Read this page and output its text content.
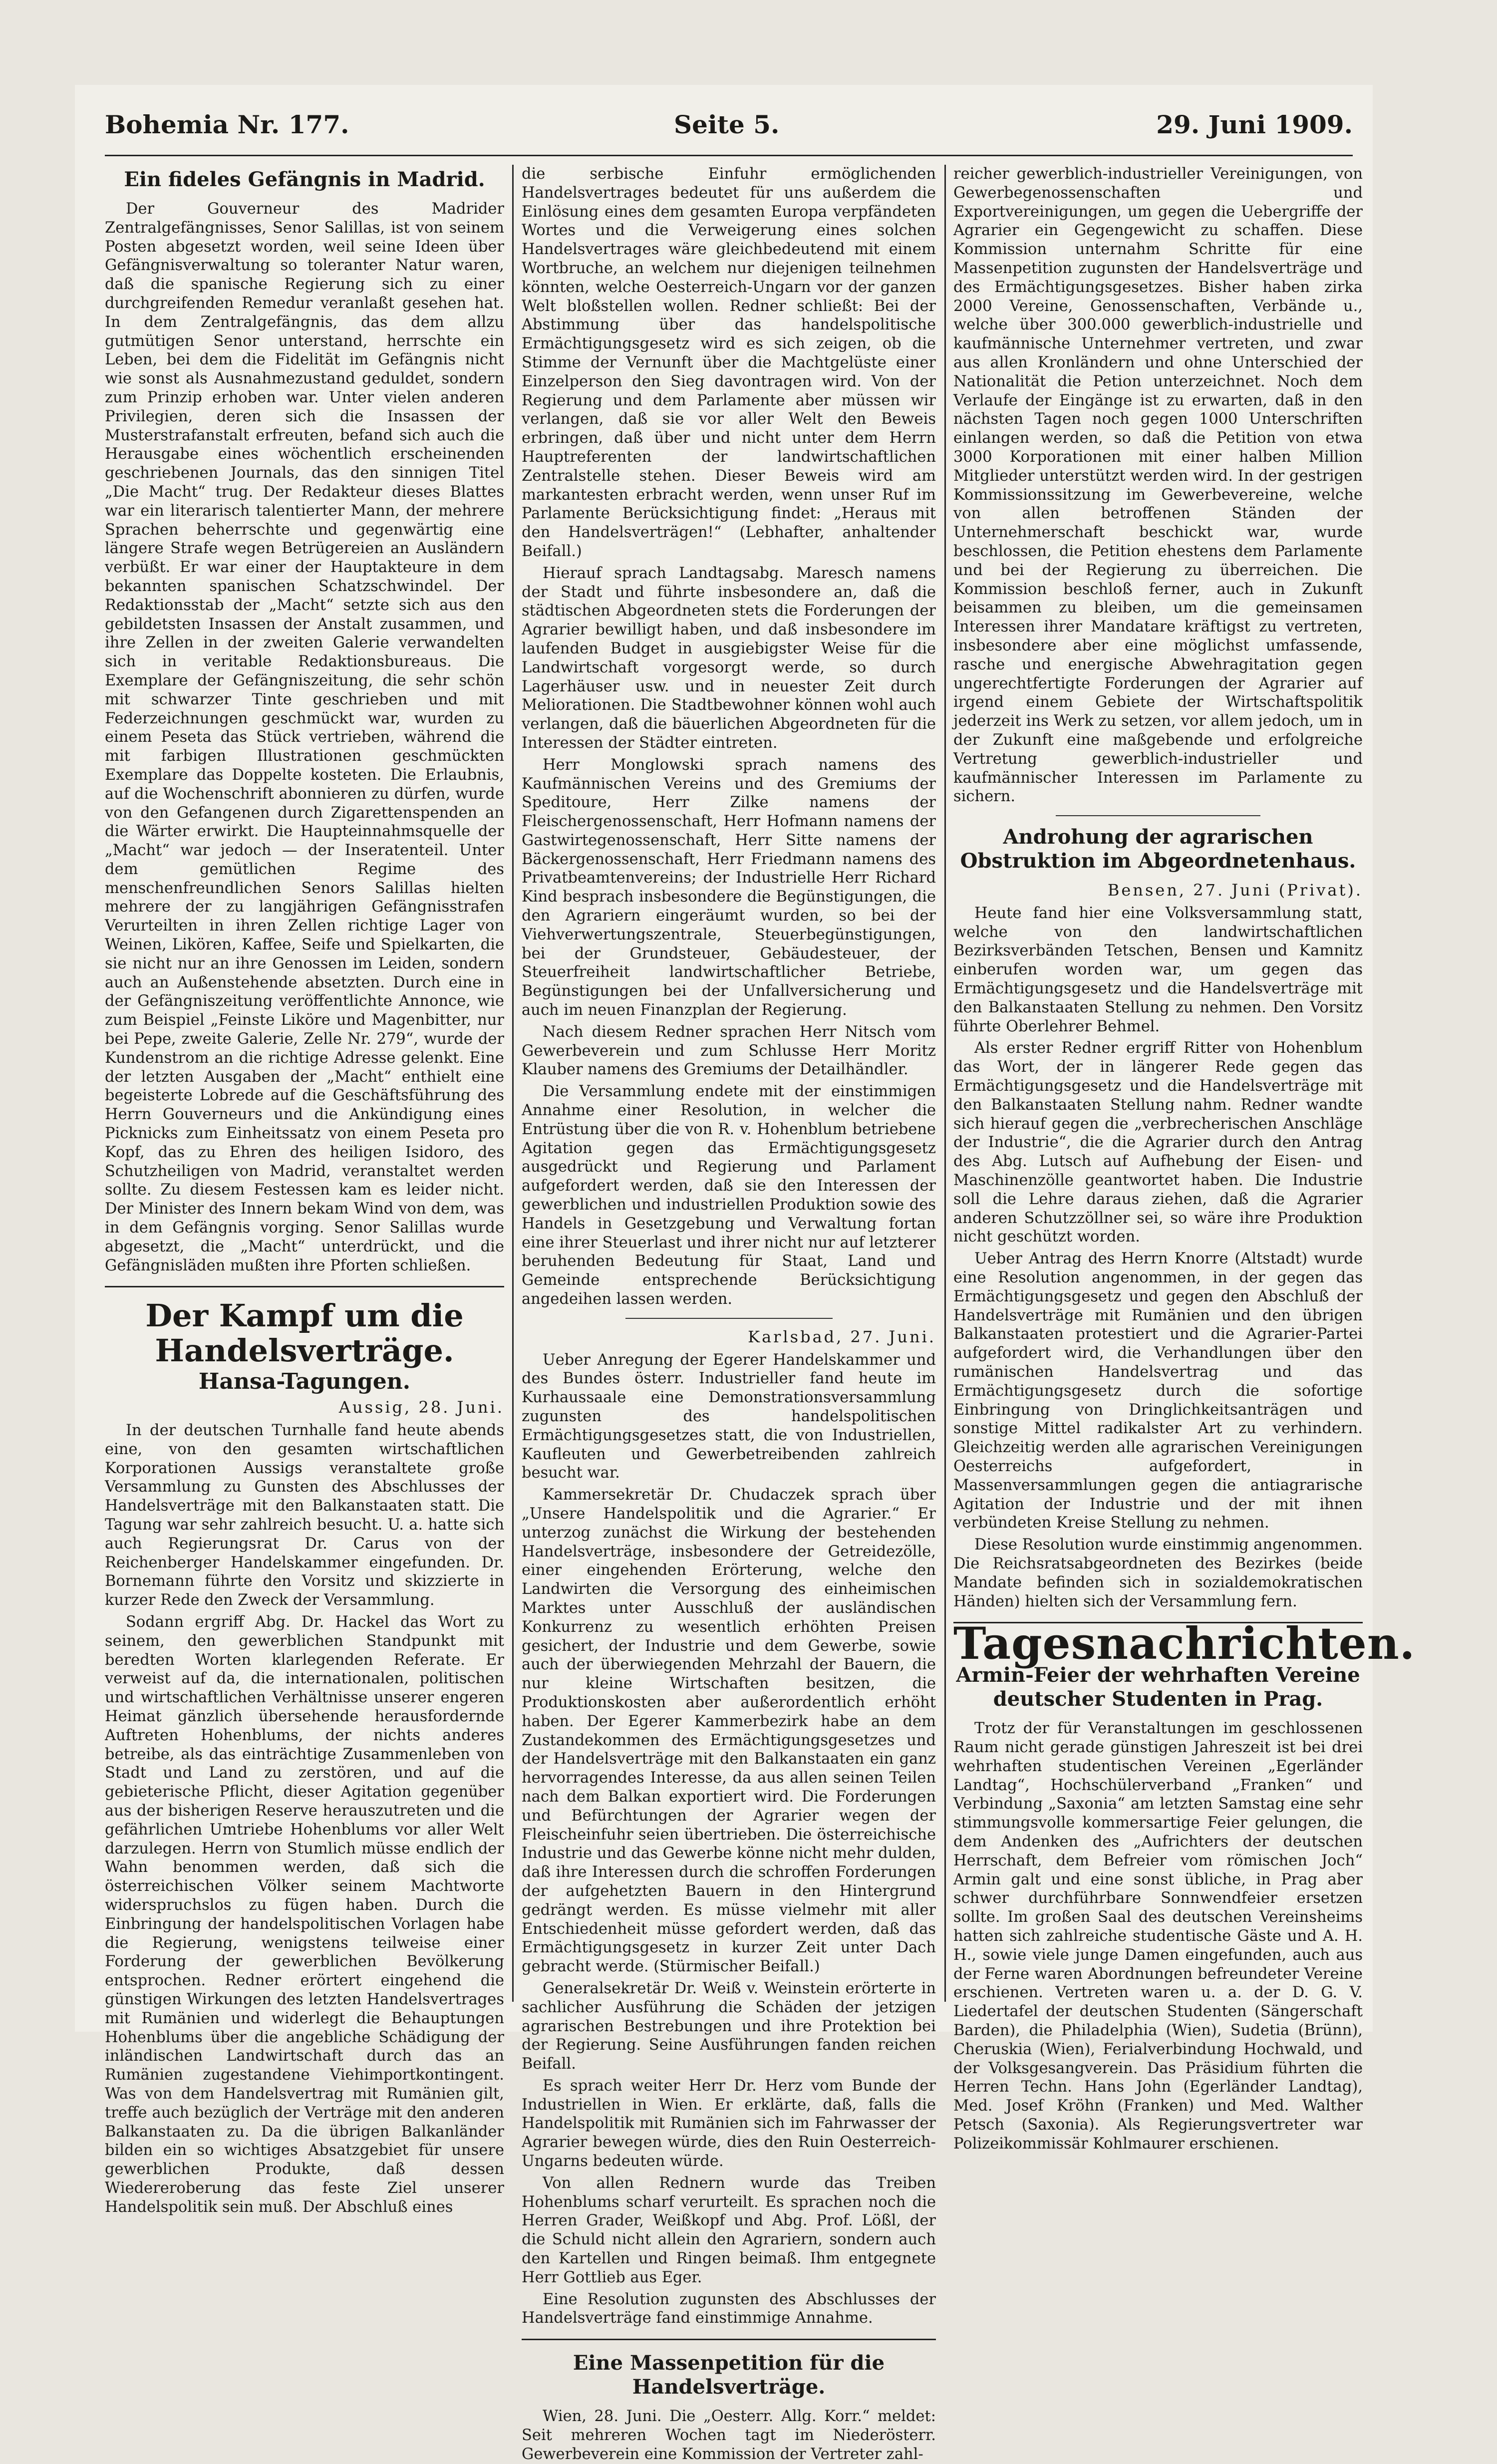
Bohemia Nr. 177.	Seite 5.	29. Juni 1909.
Ein fideles Gefängnis in Madrid.

Der Gouverneur des Madrider Zentralgefängnisses, Senor Salillas, ist von seinem Posten abgesetzt worden, weil seine Ideen über Gefängnisverwaltung so toleranter Natur waren, daß die spanische Regierung sich zu einer durchgreifenden Remedur veranlaßt gesehen hat. In dem Zentralgefängnis, das dem allzu gutmütigen Senor unterstand, herrschte ein Leben, bei dem die Fidelität im Gefängnis nicht wie sonst als Ausnahmezustand geduldet, sondern zum Prinzip erhoben war. Unter vielen anderen Privilegien, deren sich die Insassen der Musterstrafanstalt erfreuten, befand sich auch die Herausgabe eines wöchentlich erscheinenden geschriebenen Journals, das den sinnigen Titel „Die Macht“ trug. Der Redakteur dieses Blattes war ein literarisch talentierter Mann, der mehrere Sprachen beherrschte und gegenwärtig eine längere Strafe wegen Betrügereien an Ausländern verbüßt. Er war einer der Hauptakteure in dem bekannten spanischen Schatzschwindel. Der Redaktionsstab der „Macht“ setzte sich aus den gebildetsten Insassen der Anstalt zusammen, und ihre Zellen in der zweiten Galerie verwandelten sich in veritable Redaktionsbureaus. Die Exemplare der Gefängniszeitung, die sehr schön mit schwarzer Tinte geschrieben und mit Federzeichnungen geschmückt war, wurden zu einem Peseta das Stück vertrieben, während die mit farbigen Illustrationen geschmückten Exemplare das Doppelte kosteten. Die Erlaubnis, auf die Wochenschrift abonnieren zu dürfen, wurde von den Gefangenen durch Zigarettenspenden an die Wärter erwirkt. Die Haupteinnahmsquelle der „Macht“ war jedoch — der Inseratenteil. Unter dem gemütlichen Regime des menschenfreundlichen Senors Salillas hielten mehrere der zu langjährigen Gefängnisstrafen Verurteilten in ihren Zellen richtige Lager von Weinen, Likören, Kaffee, Seife und Spielkarten, die sie nicht nur an ihre Genossen im Leiden, sondern auch an Außenstehende absetzten. Durch eine in der Gefängniszeitung veröffentlichte Annonce, wie zum Beispiel „Feinste Liköre und Magenbitter, nur bei Pepe, zweite Galerie, Zelle Nr. 279“, wurde der Kundenstrom an die richtige Adresse gelenkt. Eine der letzten Ausgaben der „Macht“ enthielt eine begeisterte Lobrede auf die Geschäftsführung des Herrn Gouverneurs und die Ankündigung eines Picknicks zum Einheitssatz von einem Peseta pro Kopf, das zu Ehren des heiligen Isidoro, des Schutzheiligen von Madrid, veranstaltet werden sollte. Zu diesem Festessen kam es leider nicht. Der Minister des Innern bekam Wind von dem, was in dem Gefängnis vorging. Senor Salillas wurde abgesetzt, die „Macht“ unterdrückt, und die Gefängnisläden mußten ihre Pforten schließen.

Der Kampf um die Handelsverträge.
Hansa-Tagungen.
Aussig, 28. Juni.

In der deutschen Turnhalle fand heute abends eine, von den gesamten wirtschaftlichen Korporationen Aussigs veranstaltete große Versammlung zu Gunsten des Abschlusses der Handelsverträge mit den Balkanstaaten statt. Die Tagung war sehr zahlreich besucht. U. a. hatte sich auch Regierungsrat Dr. Carus von der Reichenberger Handelskammer eingefunden. Dr. Bornemann führte den Vorsitz und skizzierte in kurzer Rede den Zweck der Versammlung.

Sodann ergriff Abg. Dr. Hackel das Wort zu seinem, den gewerblichen Standpunkt mit beredten Worten klarlegenden Referate. Er verweist auf da, die internationalen, politischen und wirtschaftlichen Verhältnisse unserer engeren Heimat gänzlich übersehende herausfordernde Auftreten Hohenblums, der nichts anderes betreibe, als das einträchtige Zusammenleben von Stadt und Land zu zerstören, und auf die gebieterische Pflicht, dieser Agitation gegenüber aus der bisherigen Reserve herauszutreten und die gefährlichen Umtriebe Hohenblums vor aller Welt darzulegen. Herrn von Stumlich müsse endlich der Wahn benommen werden, daß sich die österreichischen Völker seinem Machtworte widerspruchslos zu fügen haben. Durch die Einbringung der handelspolitischen Vorlagen habe die Regierung, wenigstens teilweise einer Forderung der gewerblichen Bevölkerung entsprochen. Redner erörtert eingehend die günstigen Wirkungen des letzten Handelsvertrages mit Rumänien und widerlegt die Behauptungen Hohenblums über die angebliche Schädigung der inländischen Landwirtschaft durch das an Rumänien zugestandene Viehimportkontingent. Was von dem Handelsvertrag mit Rumänien gilt, treffe auch bezüglich der Verträge mit den anderen Balkanstaaten zu. Da die übrigen Balkanländer bilden ein so wichtiges Absatzgebiet für unsere gewerblichen Produkte, daß dessen Wiedereroberung das feste Ziel unserer Handelspolitik sein muß. Der Abschluß eines

die serbische Einfuhr ermöglichenden Handelsvertrages bedeutet für uns außerdem die Einlösung eines dem gesamten Europa verpfändeten Wortes und die Verweigerung eines solchen Handelsvertrages wäre gleichbedeutend mit einem Wortbruche, an welchem nur diejenigen teilnehmen könnten, welche Oesterreich-Ungarn vor der ganzen Welt bloßstellen wollen. Redner schließt: Bei der Abstimmung über das handelspolitische Ermächtigungsgesetz wird es sich zeigen, ob die Stimme der Vernunft über die Machtgelüste einer Einzelperson den Sieg davontragen wird. Von der Regierung und dem Parlamente aber müssen wir verlangen, daß sie vor aller Welt den Beweis erbringen, daß über und nicht unter dem Herrn Hauptreferenten der landwirtschaftlichen Zentralstelle stehen. Dieser Beweis wird am markantesten erbracht werden, wenn unser Ruf im Parlamente Berücksichtigung findet: „Heraus mit den Handelsverträgen!“ (Lebhafter, anhaltender Beifall.)

Hierauf sprach Landtagsabg. Maresch namens der Stadt und führte insbesondere an, daß die städtischen Abgeordneten stets die Forderungen der Agrarier bewilligt haben, und daß insbesondere im laufenden Budget in ausgiebigster Weise für die Landwirtschaft vorgesorgt werde, so durch Lagerhäuser usw. und in neuester Zeit durch Meliorationen. Die Stadtbewohner können wohl auch verlangen, daß die bäuerlichen Abgeordneten für die Interessen der Städter eintreten.

Herr Monglowski sprach namens des Kaufmännischen Vereins und des Gremiums der Speditoure, Herr Zilke namens der Fleischergenossenschaft, Herr Hofmann namens der Gastwirtegenossenschaft, Herr Sitte namens der Bäckergenossenschaft, Herr Friedmann namens des Privatbeamtenvereins; der Industrielle Herr Richard Kind besprach insbesondere die Begünstigungen, die den Agrariern eingeräumt wurden, so bei der Viehverwertungszentrale, Steuerbegünstigungen, bei der Grundsteuer, Gebäudesteuer, der Steuerfreiheit landwirtschaftlicher Betriebe, Begünstigungen bei der Unfallversicherung und auch im neuen Finanzplan der Regierung.

Nach diesem Redner sprachen Herr Nitsch vom Gewerbeverein und zum Schlusse Herr Moritz Klauber namens des Gremiums der Detailhändler.

Die Versammlung endete mit der einstimmigen Annahme einer Resolution, in welcher die Entrüstung über die von R. v. Hohenblum betriebene Agitation gegen das Ermächtigungsgesetz ausgedrückt und Regierung und Parlament aufgefordert werden, daß sie den Interessen der gewerblichen und industriellen Produktion sowie des Handels in Gesetzgebung und Verwaltung fortan eine ihrer Steuerlast und ihrer nicht nur auf letzterer beruhenden Bedeutung für Staat, Land und Gemeinde entsprechende Berücksichtigung angedeihen lassen werden.

Karlsbad, 27. Juni.

Ueber Anregung der Egerer Handelskammer und des Bundes österr. Industrieller fand heute im Kurhaussaale eine Demonstrationsversammlung zugunsten des handelspolitischen Ermächtigungsgesetzes statt, die von Industriellen, Kaufleuten und Gewerbetreibenden zahlreich besucht war.

Kammersekretär Dr. Chudaczek sprach über „Unsere Handelspolitik und die Agrarier.“ Er unterzog zunächst die Wirkung der bestehenden Handelsverträge, insbesondere der Getreidezölle, einer eingehenden Erörterung, welche den Landwirten die Versorgung des einheimischen Marktes unter Ausschluß der ausländischen Konkurrenz zu wesentlich erhöhten Preisen gesichert, der Industrie und dem Gewerbe, sowie auch der überwiegenden Mehrzahl der Bauern, die nur kleine Wirtschaften besitzen, die Produktionskosten aber außerordentlich erhöht haben. Der Egerer Kammerbezirk habe an dem Zustandekommen des Ermächtigungsgesetzes und der Handelsverträge mit den Balkanstaaten ein ganz hervorragendes Interesse, da aus allen seinen Teilen nach dem Balkan exportiert wird. Die Forderungen und Befürchtungen der Agrarier wegen der Fleischeinfuhr seien übertrieben. Die österreichische Industrie und das Gewerbe könne nicht mehr dulden, daß ihre Interessen durch die schroffen Forderungen der aufgehetzten Bauern in den Hintergrund gedrängt werden. Es müsse vielmehr mit aller Entschiedenheit müsse gefordert werden, daß das Ermächtigungsgesetz in kurzer Zeit unter Dach gebracht werde. (Stürmischer Beifall.)

Generalsekretär Dr. Weiß v. Weinstein erörterte in sachlicher Ausführung die Schäden der jetzigen agrarischen Bestrebungen und ihre Protektion bei der Regierung. Seine Ausführungen fanden reichen Beifall.

Es sprach weiter Herr Dr. Herz vom Bunde der Industriellen in Wien. Er erklärte, daß, falls die Handelspolitik mit Rumänien sich im Fahrwasser der Agrarier bewegen würde, dies den Ruin Oesterreich-Ungarns bedeuten würde.

Von allen Rednern wurde das Treiben Hohenblums scharf verurteilt. Es sprachen noch die Herren Grader, Weißkopf und Abg. Prof. Lößl, der die Schuld nicht allein den Agrariern, sondern auch den Kartellen und Ringen beimaß. Ihm entgegnete Herr Gottlieb aus Eger.

Eine Resolution zugunsten des Abschlusses der Handelsverträge fand einstimmige Annahme.

Eine Massenpetition für die Handelsverträge.

Wien, 28. Juni. Die „Oesterr. Allg. Korr.“ meldet: Seit mehreren Wochen tagt im Niederösterr. Gewerbeverein eine Kommission der Vertreter zahl-

reicher gewerblich-industrieller Vereinigungen, von Gewerbegenossenschaften und Exportvereinigungen, um gegen die Uebergriffe der Agrarier ein Gegengewicht zu schaffen. Diese Kommission unternahm Schritte für eine Massenpetition zugunsten der Handelsverträge und des Ermächtigungsgesetzes. Bisher haben zirka 2000 Vereine, Genossenschaften, Verbände u., welche über 300.000 gewerblich-industrielle und kaufmännische Unternehmer vertreten, und zwar aus allen Kronländern und ohne Unterschied der Nationalität die Petion unterzeichnet. Noch dem Verlaufe der Eingänge ist zu erwarten, daß in den nächsten Tagen noch gegen 1000 Unterschriften einlangen werden, so daß die Petition von etwa 3000 Korporationen mit einer halben Million Mitglieder unterstützt werden wird. In der gestrigen Kommissionssitzung im Gewerbevereine, welche von allen betroffenen Ständen der Unternehmerschaft beschickt war, wurde beschlossen, die Petition ehestens dem Parlamente und bei der Regierung zu überreichen. Die Kommission beschloß ferner, auch in Zukunft beisammen zu bleiben, um die gemeinsamen Interessen ihrer Mandatare kräftigst zu vertreten, insbesondere aber eine möglichst umfassende, rasche und energische Abwehragitation gegen ungerechtfertigte Forderungen der Agrarier auf irgend einem Gebiete der Wirtschaftspolitik jederzeit ins Werk zu setzen, vor allem jedoch, um in der Zukunft eine maßgebende und erfolgreiche Vertretung gewerblich-industrieller und kaufmännischer Interessen im Parlamente zu sichern.

Androhung der agrarischen Obstruktion im Abgeordnetenhaus.
Bensen, 27. Juni (Privat).

Heute fand hier eine Volksversammlung statt, welche von den landwirtschaftlichen Bezirksverbänden Tetschen, Bensen und Kamnitz einberufen worden war, um gegen das Ermächtigungsgesetz und die Handelsverträge mit den Balkanstaaten Stellung zu nehmen. Den Vorsitz führte Oberlehrer Behmel.

Als erster Redner ergriff Ritter von Hohenblum das Wort, der in längerer Rede gegen das Ermächtigungsgesetz und die Handelsverträge mit den Balkanstaaten Stellung nahm. Redner wandte sich hierauf gegen die „verbrecherischen Anschläge der Industrie“, die die Agrarier durch den Antrag des Abg. Lutsch auf Aufhebung der Eisen- und Maschinenzölle geantwortet haben. Die Industrie soll die Lehre daraus ziehen, daß die Agrarier anderen Schutzzöllner sei, so wäre ihre Produktion nicht geschützt worden.

Ueber Antrag des Herrn Knorre (Altstadt) wurde eine Resolution angenommen, in der gegen das Ermächtigungsgesetz und gegen den Abschluß der Handelsverträge mit Rumänien und den übrigen Balkanstaaten protestiert und die Agrarier-Partei aufgefordert wird, die Verhandlungen über den rumänischen Handelsvertrag und das Ermächtigungsgesetz durch die sofortige Einbringung von Dringlichkeitsanträgen und sonstige Mittel radikalster Art zu verhindern. Gleichzeitig werden alle agrarischen Vereinigungen Oesterreichs aufgefordert, in Massenversammlungen gegen die antiagrarische Agitation der Industrie und der mit ihnen verbündeten Kreise Stellung zu nehmen.

Diese Resolution wurde einstimmig angenommen. Die Reichsratsabgeordneten des Bezirkes (beide Mandate befinden sich in sozialdemokratischen Händen) hielten sich der Versammlung fern.

Tagesnachrichten.
Armin-Feier der wehrhaften Vereine deutscher Studenten in Prag.

Trotz der für Veranstaltungen im geschlossenen Raum nicht gerade günstigen Jahreszeit ist bei drei wehrhaften studentischen Vereinen „Egerländer Landtag“, Hochschülerverband „Franken“ und Verbindung „Saxonia“ am letzten Samstag eine sehr stimmungsvolle kommersartige Feier gelungen, die dem Andenken des „Aufrichters der deutschen Herrschaft, dem Befreier vom römischen Joch“ Armin galt und eine sonst übliche, in Prag aber schwer durchführbare Sonnwendfeier ersetzen sollte. Im großen Saal des deutschen Vereinsheims hatten sich zahlreiche studentische Gäste und A. H. H., sowie viele junge Damen eingefunden, auch aus der Ferne waren Abordnungen befreundeter Vereine erschienen. Vertreten waren u. a. der D. G. V. Liedertafel der deutschen Studenten (Sängerschaft Barden), die Philadelphia (Wien), Sudetia (Brünn), Cheruskia (Wien), Ferialverbindung Hochwald, und der Volksgesangverein. Das Präsidium führten die Herren Techn. Hans John (Egerländer Landtag), Med. Josef Kröhn (Franken) und Med. Walther Petsch (Saxonia). Als Regierungsvertreter war Polizeikommissär Kohlmaurer erschienen.
